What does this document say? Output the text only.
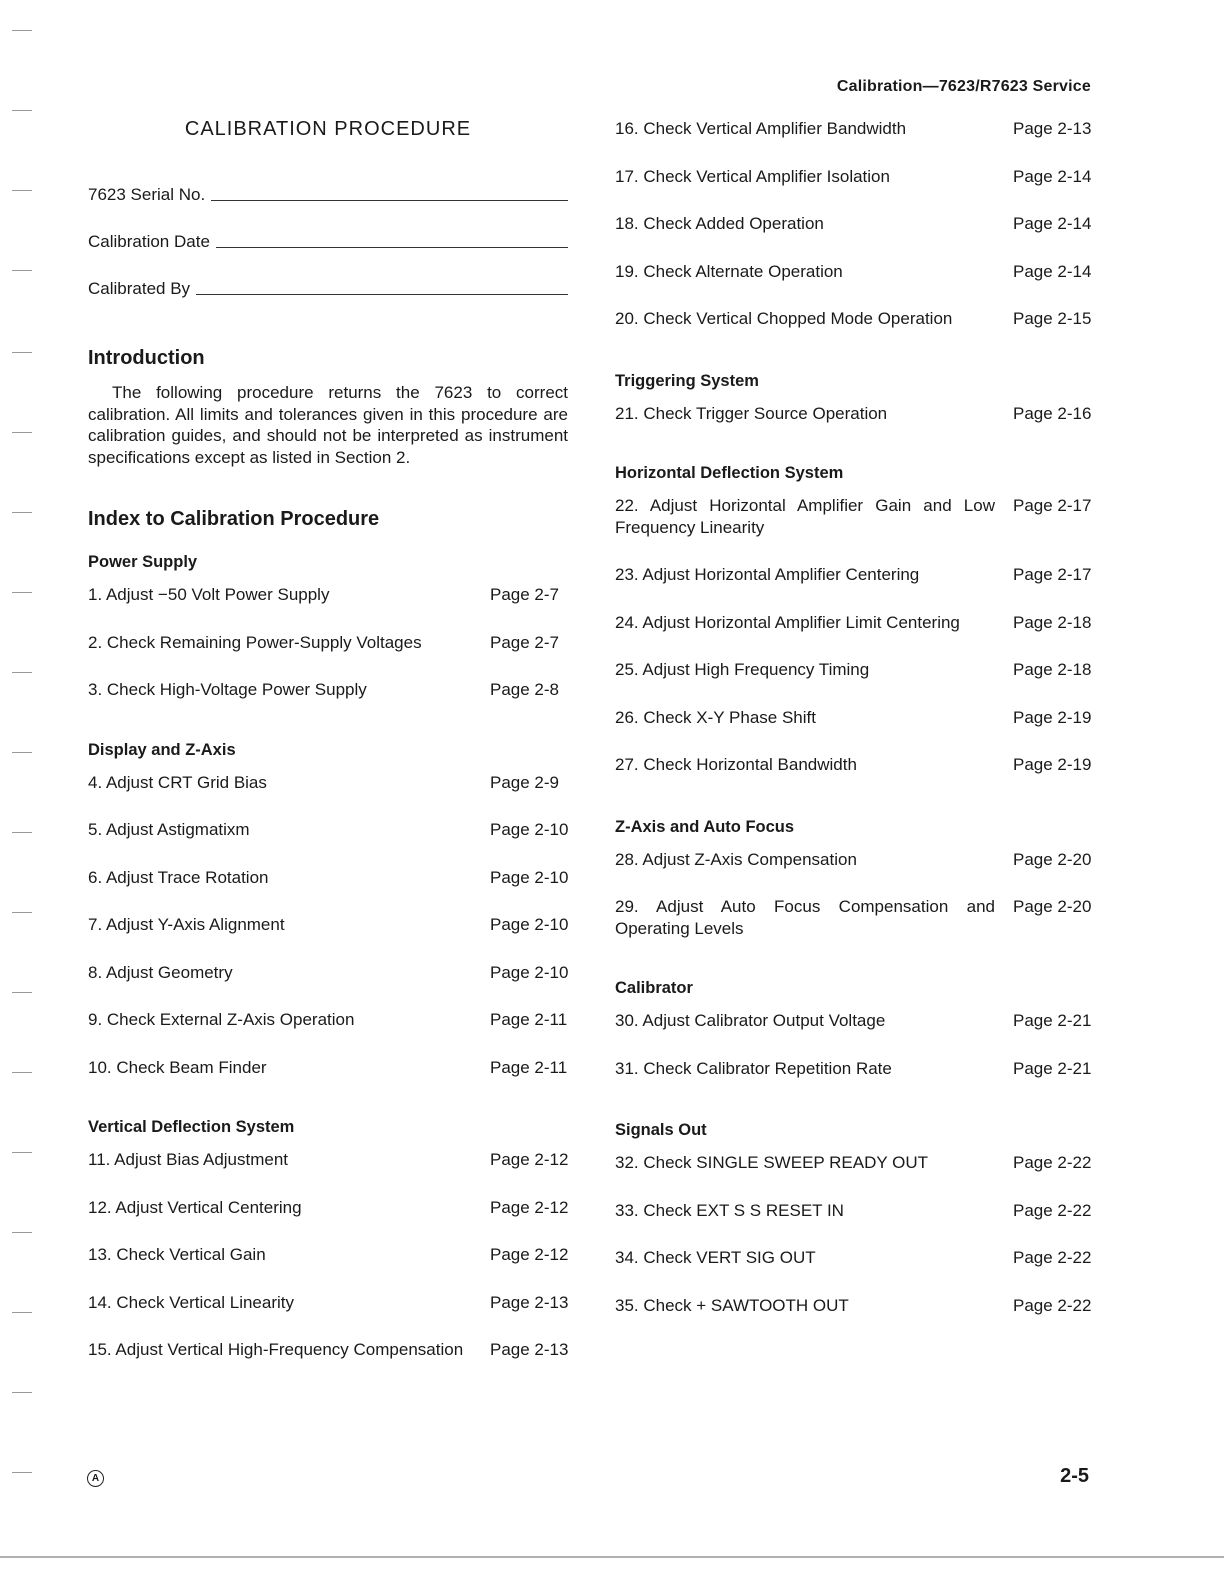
Calibration—7623/R7623 Service
CALIBRATION PROCEDURE
7623 Serial No.
Calibration Date
Calibrated By
Introduction

The following procedure returns the 7623 to correct calibration. All limits and tolerances given in this procedure are calibration guides, and should not be interpreted as instrument specifications except as listed in Section 2.

Index to Calibration Procedure
Power Supply
1. Adjust −50 Volt Power Supply	Page 2-7
2. Check Remaining Power-Supply Voltages	Page 2-7
3. Check High-Voltage Power Supply	Page 2-8
Display and Z-Axis
4. Adjust CRT Grid Bias	Page 2-9
5. Adjust Astigmatixm	Page 2-10
6. Adjust Trace Rotation	Page 2-10
7. Adjust Y-Axis Alignment	Page 2-10
8. Adjust Geometry	Page 2-10
9. Check External Z-Axis Operation	Page 2-11
10. Check Beam Finder	Page 2-11
Vertical Deflection System
11. Adjust Bias Adjustment	Page 2-12
12. Adjust Vertical Centering	Page 2-12
13. Check Vertical Gain	Page 2-12
14. Check Vertical Linearity	Page 2-13
15. Adjust Vertical High-Frequency Compensation	Page 2-13
16. Check Vertical Amplifier Bandwidth	Page 2-13
17. Check Vertical Amplifier Isolation	Page 2-14
18. Check Added Operation	Page 2-14
19. Check Alternate Operation	Page 2-14
20. Check Vertical Chopped Mode Operation	Page 2-15
Triggering System
21. Check Trigger Source Operation	Page 2-16
Horizontal Deflection System
22. Adjust Horizontal Amplifier Gain and Low Frequency Linearity
Page 2-17
23. Adjust Horizontal Amplifier Centering	Page 2-17
24. Adjust Horizontal Amplifier Limit Centering	Page 2-18
25. Adjust High Frequency Timing	Page 2-18
26. Check X-Y Phase Shift	Page 2-19
27. Check Horizontal Bandwidth	Page 2-19
Z-Axis and Auto Focus
28. Adjust Z-Axis Compensation	Page 2-20
29. Adjust Auto Focus Compensation and Operating Levels
Page 2-20
Calibrator
30. Adjust Calibrator Output Voltage	Page 2-21
31. Check Calibrator Repetition Rate	Page 2-21
Signals Out
32. Check SINGLE SWEEP READY OUT	Page 2-22
33. Check EXT S S RESET IN	Page 2-22
34. Check VERT SIG OUT	Page 2-22
35. Check + SAWTOOTH OUT	Page 2-22
A	2-5
